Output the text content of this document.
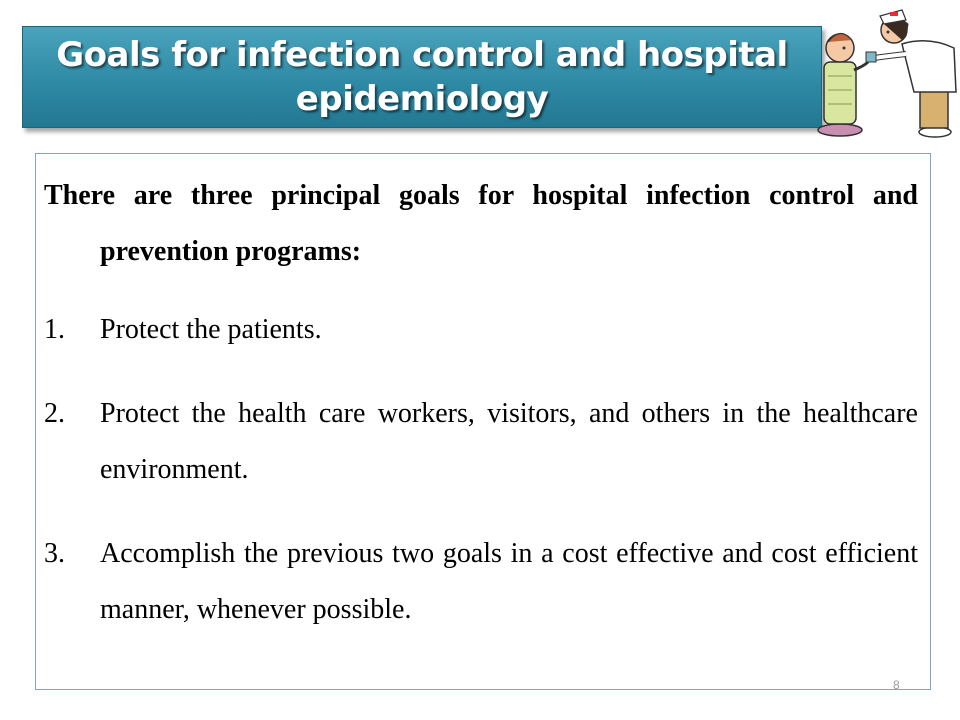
Goals for infection control and hospital epidemiology
There are three principal goals for hospital infection control and prevention programs:
1. Protect the patients.
2. Protect the health care workers, visitors, and others in the healthcare environment.
3. Accomplish the previous two goals in a cost effective and cost efficient manner, whenever possible.
8
